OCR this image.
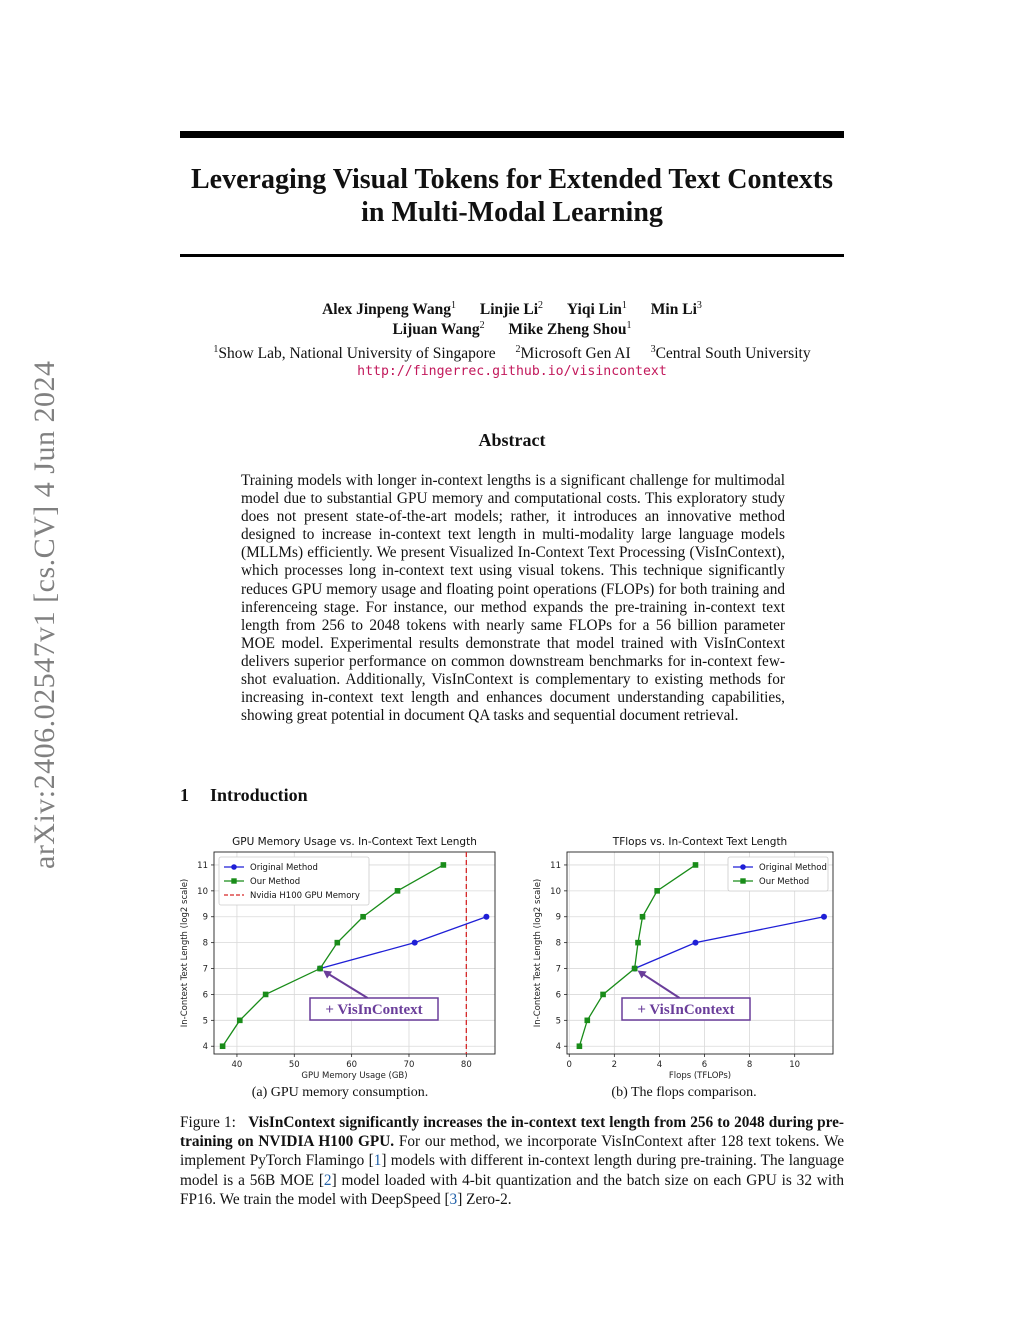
arXiv:2406.02547v1 [cs.CV] 4 Jun 2024
Leveraging Visual Tokens for Extended Text Contexts in Multi-Modal Learning
Alex Jinpeng Wang$^1$ Linjie Li$^2$ Yiqi Lin$^1$ Min Li$^3$
Lijuan Wang$^2$ Mike Zheng Shou$^1$
$^1$Show Lab, National University of Singapore $^2$Microsoft Gen AI $^3$Central South University
http://fingerrec.github.io/visincontext
Abstract

Training models with longer in-context lengths is a significant challenge for multimodal model due to substantial GPU memory and computational costs. This exploratory study does not present state-of-the-art models; rather, it introduces an innovative method designed to increase in-context text length in multi-modality large language models (MLLMs) efficiently. We present Visualized In-Context Text Processing (VisInContext), which processes long in-context text using visual tokens. This technique significantly reduces GPU memory usage and floating point operations (FLOPs) for both training and inferenceing stage. For instance, our method expands the pre-training in-context text length from 256 to 2048 tokens with nearly same FLOPs for a 56 billion parameter MOE model. Experimental results demonstrate that model trained with VisInContext delivers superior performance on common downstream benchmarks for in-context few-shot evaluation. Additionally, VisInContext is complementary to existing methods for increasing in-context text length and enhances document understanding capabilities, showing great potential in document QA tasks and sequential document retrieval.

1 Introduction
40	50	60	70	80
4
5
6
7
8
9
10
11
GPU Memory Usage vs. In-Context Text Length
GPU Memory Usage (GB)
In-Context Text Length (log2 scale)	+ VisInContext
Original Method
Our Method
Nvidia H100 GPU Memory
0	2	4	6	8	10
4
5
6
7
8
9
10
11
TFlops vs. In-Context Text Length
Flops (TFLOPs)
In-Context Text Length (log2 scale)	+ VisInContext
Original Method
Our Method
(a) GPU memory consumption.	(b) The flops comparison.

Figure 1: VisInContext significantly increases the in-context text length from 256 to 2048 during pre-training on NVIDIA H100 GPU. For our method, we incorporate VisInContext after 128 text tokens. We implement PyTorch Flamingo [1] models with different in-context length during pre-training. The language model is a 56B MOE [2] model loaded with 4-bit quantization and the batch size on each GPU is 32 with FP16. We train the model with DeepSpeed [3] Zero-2.
